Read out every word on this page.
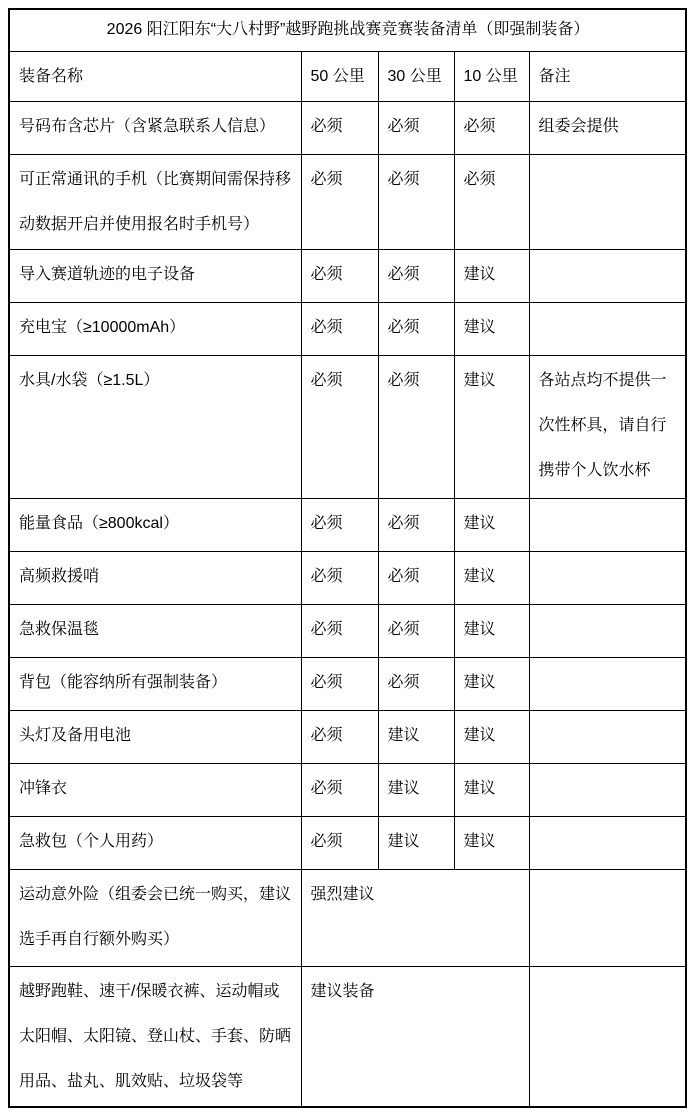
2026 阳江阳东“大八村野”越野跑挑战赛竞赛装备清单（即强制装备）				
装备名称	50 公里	30 公里	10 公里	备注
号码布含芯片（含紧急联系人信息）	必须	必须	必须	组委会提供
可正常通讯的手机（比赛期间需保持移动数据开启并使用报名时手机号）	必须	必须	必须	
导入赛道轨迹的电子设备	必须	必须	建议	
充电宝（≥10000mAh）	必须	必须	建议	
水具/水袋（≥1.5L）	必须	必须	建议	各站点均不提供一次性杯具，请自行携带个人饮水杯
能量食品（≥800kcal）	必须	必须	建议	
高频救援哨	必须	必须	建议	
急救保温毯	必须	必须	建议	
背包（能容纳所有强制装备）	必须	必须	建议	
头灯及备用电池	必须	建议	建议	
冲锋衣	必须	建议	建议	
急救包（个人用药）	必须	建议	建议	
运动意外险（组委会已统一购买，建议选手再自行额外购买）	强烈建议			
越野跑鞋、速干/保暖衣裤、运动帽或太阳帽、太阳镜、登山杖、手套、防晒用品、盐丸、肌效贴、垃圾袋等	建议装备			
